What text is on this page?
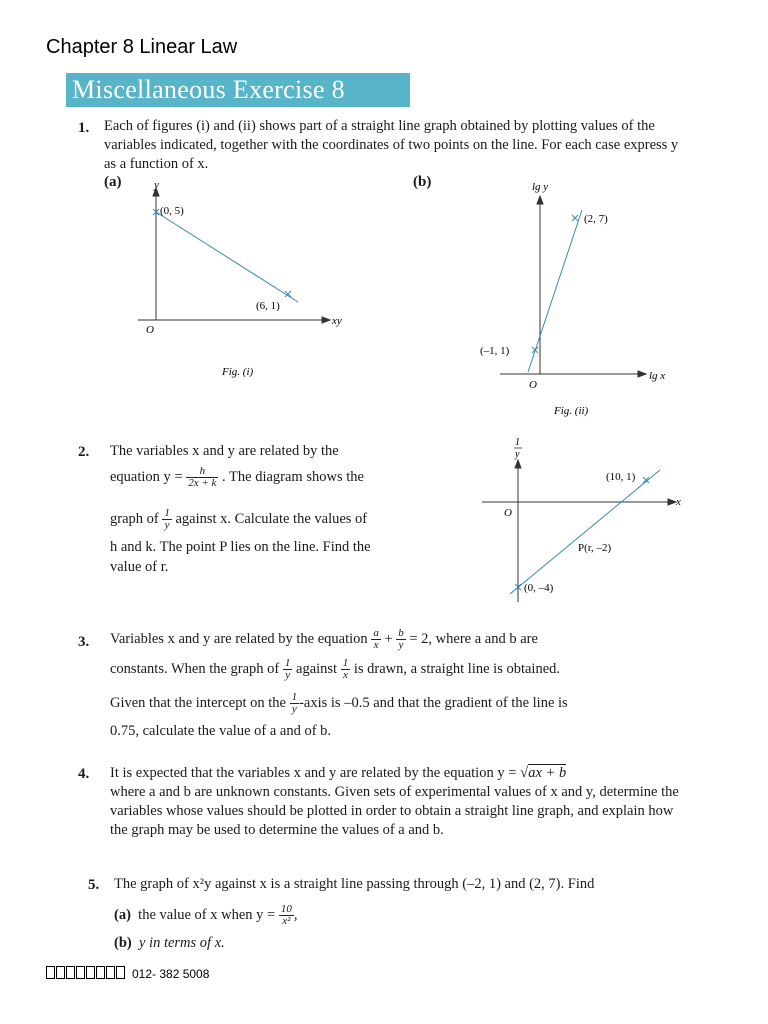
Chapter 8 Linear Law
Miscellaneous Exercise 8
1. Each of figures (i) and (ii) shows part of a straight line graph obtained by plotting values of the variables indicated, together with the coordinates of two points on the line. For each case express y as a function of x.
(a)	(b)
y
xy
O
(0, 5)
(6, 1)
Fig. (i)
lg y
lg x
O
(2, 7)
(–1, 1)
Fig. (ii)
2. The variables x and y are related by the
equation $y = \frac{h}{2x + k}$ . The diagram shows the
graph of $\frac{1}{y}$ against x. Calculate the values of
h and k. The point P lies on the line. Find the
value of r.
1
y
x
O
(10, 1)
P(r, –2)
(0, –4)
3. Variables x and y are related by the equation $\frac{a}{x} + \frac{b}{y} = 2$, where a and b are
constants. When the graph of $\frac{1}{y}$ against $\frac{1}{x}$ is drawn, a straight line is obtained.
Given that the intercept on the $\frac{1}{y}$ -axis is –0.5 and that the gradient of the line is
0.75, calculate the value of a and of b.
4. It is expected that the variables x and y are related by the equation y = √ax + b
where a and b are unknown constants. Given sets of experimental values of x and y, determine the variables whose values should be plotted in order to obtain a straight line graph, and explain how the graph may be used to determine the values of a and b.
5. The graph of x²y against x is a straight line passing through (–2, 1) and (2, 7). Find
(a) the value of x when $y = \frac{10}{\text{x²}}$ ,
(b) y in terms of x.
012- 382 5008
